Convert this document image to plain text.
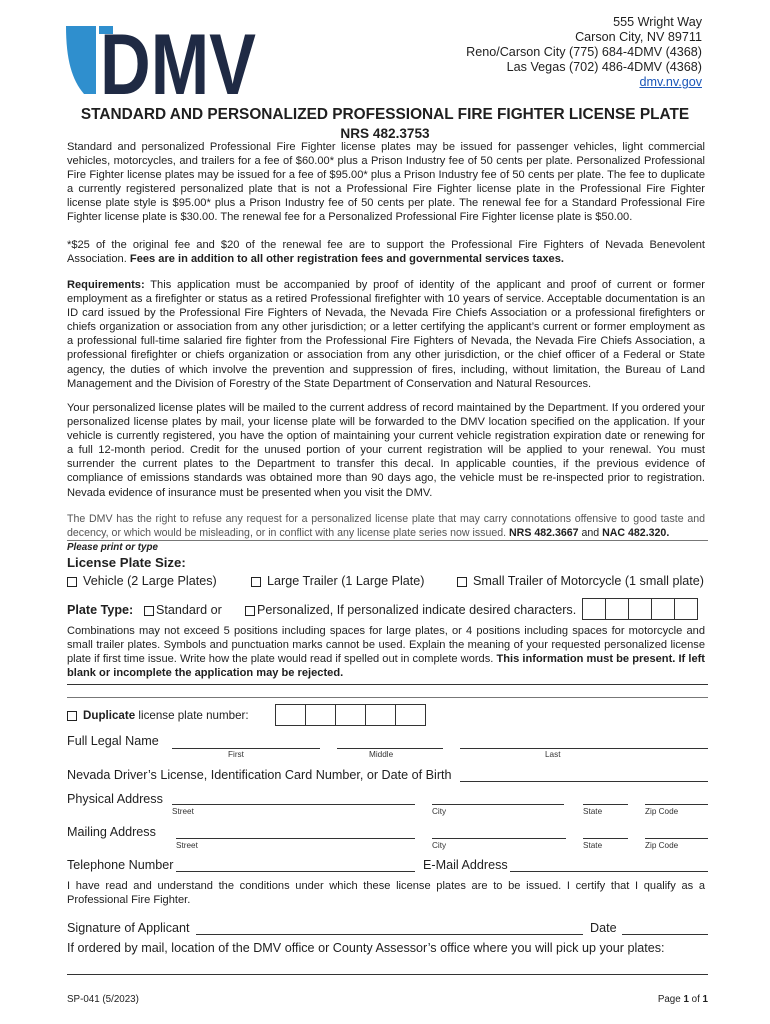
DMV	555 Wright Way
Carson City, NV 89711
Reno/Carson City (775) 684-4DMV (4368)
Las Vegas (702) 486-4DMV (4368)
dmv.nv.gov
STANDARD AND PERSONALIZED PROFESSIONAL FIRE FIGHTER LICENSE PLATE
NRS 482.3753
Standard and personalized Professional Fire Fighter license plates may be issued for passenger vehicles, light commercial vehicles, motorcycles, and trailers for a fee of $60.00* plus a Prison Industry fee of 50 cents per plate. Personalized Professional Fire Fighter license plates may be issued for a fee of $95.00* plus a Prison Industry fee of 50 cents per plate. The fee to duplicate a currently registered personalized plate that is not a Professional Fire Fighter license plate in the Professional Fire Fighter license plate style is $95.00* plus a Prison Industry fee of 50 cents per plate. The renewal fee for a Standard Professional Fire Fighter license plate is $30.00. The renewal fee for a Personalized Professional Fire Fighter license plate is $50.00.
*$25 of the original fee and $20 of the renewal fee are to support the Professional Fire Fighters of Nevada Benevolent Association. Fees are in addition to all other registration fees and governmental services taxes.
Requirements: This application must be accompanied by proof of identity of the applicant and proof of current or former employment as a firefighter or status as a retired Professional firefighter with 10 years of service. Acceptable documentation is an ID card issued by the Professional Fire Fighters of Nevada, the Nevada Fire Chiefs Association or a professional firefighters or chiefs organization or association from any other jurisdiction; or a letter certifying the applicant’s current or former employment as a professional full-time salaried fire fighter from the Professional Fire Fighters of Nevada, the Nevada Fire Chiefs Association, a professional firefighter or chiefs organization or association from any other jurisdiction, or the chief officer of a Federal or State agency, the duties of which involve the prevention and suppression of fires, including, without limitation, the Bureau of Land Management and the Division of Forestry of the State Department of Conservation and Natural Resources.
Your personalized license plates will be mailed to the current address of record maintained by the Department. If you ordered your personalized license plates by mail, your license plate will be forwarded to the DMV location specified on the application. If your vehicle is currently registered, you have the option of maintaining your current vehicle registration expiration date or renewing for a full 12-month period. Credit for the unused portion of your current registration will be applied to your renewal. You must surrender the current plates to the Department to transfer this decal. In applicable counties, if the previous evidence of compliance of emissions standards was obtained more than 90 days ago, the vehicle must be re-inspected prior to registration. Nevada evidence of insurance must be presented when you visit the DMV.
The DMV has the right to refuse any request for a personalized license plate that may carry connotations offensive to good taste and decency, or which would be misleading, or in conflict with any license plate series now issued. NRS 482.3667 and NAC 482.320.
Please print or type
License Plate Size:
Vehicle (2 Large Plates)	Large Trailer (1 Large Plate)	Small Trailer of Motorcycle (1 small plate)
Plate Type:	Standard or	Personalized, If personalized indicate desired characters.
Combinations may not exceed 5 positions including spaces for large plates, or 4 positions including spaces for motorcycle and small trailer plates. Symbols and punctuation marks cannot be used. Explain the meaning of your requested personalized license plate if first time issue. Write how the plate would read if spelled out in complete words. This information must be present. If left blank or incomplete the application may be rejected.
Duplicate license plate number:
Full Legal Name
First	Middle	Last
Nevada Driver’s License, Identification Card Number, or Date of Birth
Physical Address
Street	City	State	Zip Code
Mailing Address
Street	City	State	Zip Code
Telephone Number	E-Mail Address
I have read and understand the conditions under which these license plates are to be issued. I certify that I qualify as a Professional Fire Fighter.
Signature of Applicant	Date
If ordered by mail, location of the DMV office or County Assessor’s office where you will pick up your plates:
SP-041 (5/2023)	Page 1 of 1
